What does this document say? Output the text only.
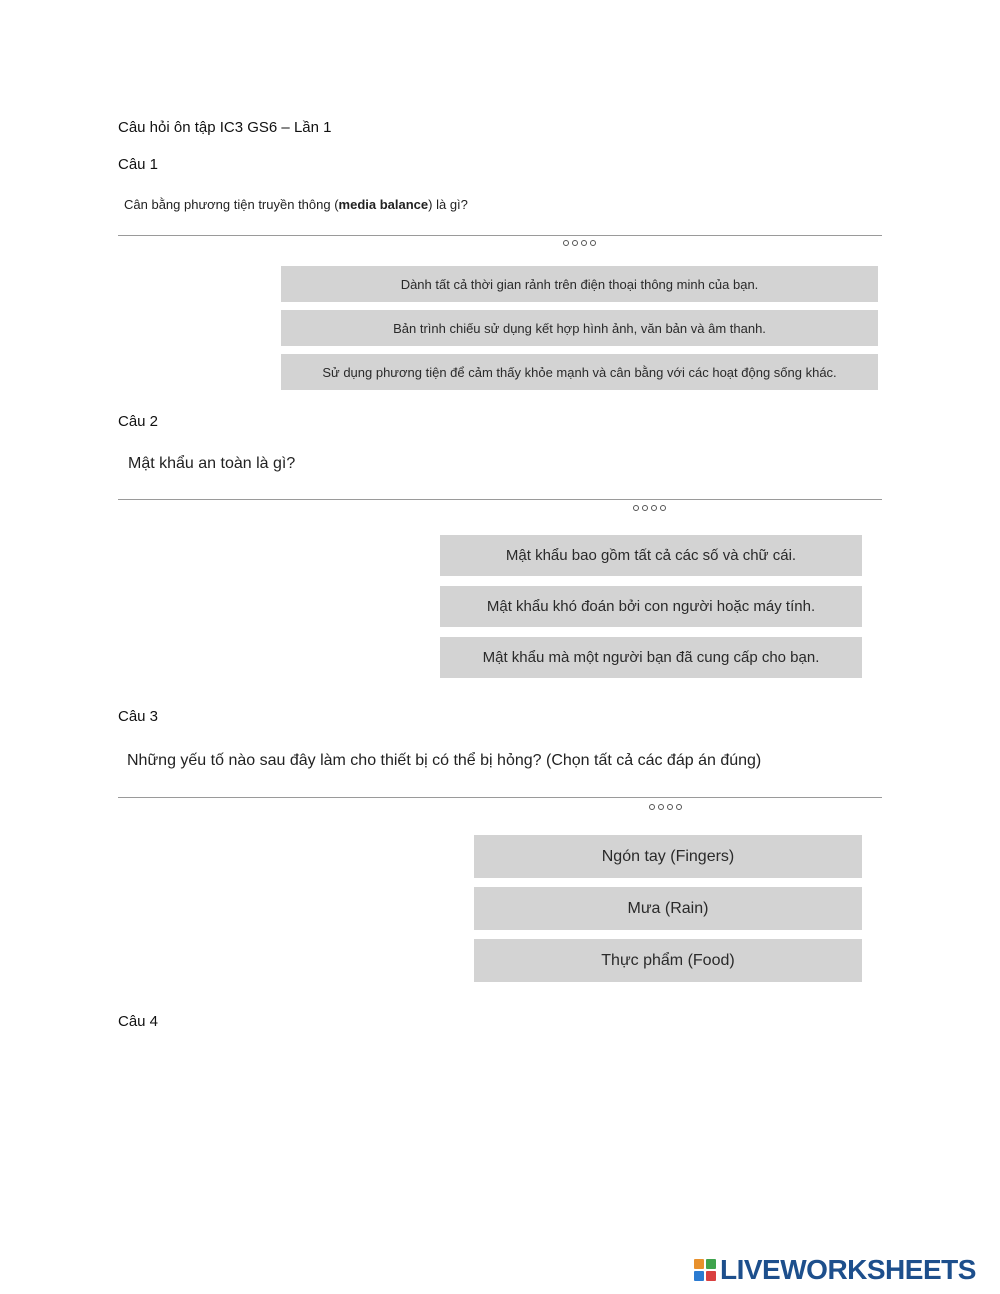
Câu hỏi ôn tập IC3 GS6 – Lần 1
Câu 1
Cân bằng phương tiện truyền thông (media balance) là gì?
Dành tất cả thời gian rảnh trên điện thoại thông minh của bạn.
Bản trình chiếu sử dụng kết hợp hình ảnh, văn bản và âm thanh.
Sử dụng phương tiện để cảm thấy khỏe mạnh và cân bằng với các hoạt động sống khác.
Câu 2
Mật khẩu an toàn là gì?
Mật khẩu bao gồm tất cả các số và chữ cái.
Mật khẩu khó đoán bởi con người hoặc máy tính.
Mật khẩu mà một người bạn đã cung cấp cho bạn.
Câu 3
Những yếu tố nào sau đây làm cho thiết bị có thể bị hỏng? (Chọn tất cả các đáp án đúng)
Ngón tay (Fingers)
Mưa (Rain)
Thực phẩm (Food)
Câu 4
LIVEWORKSHEETS
